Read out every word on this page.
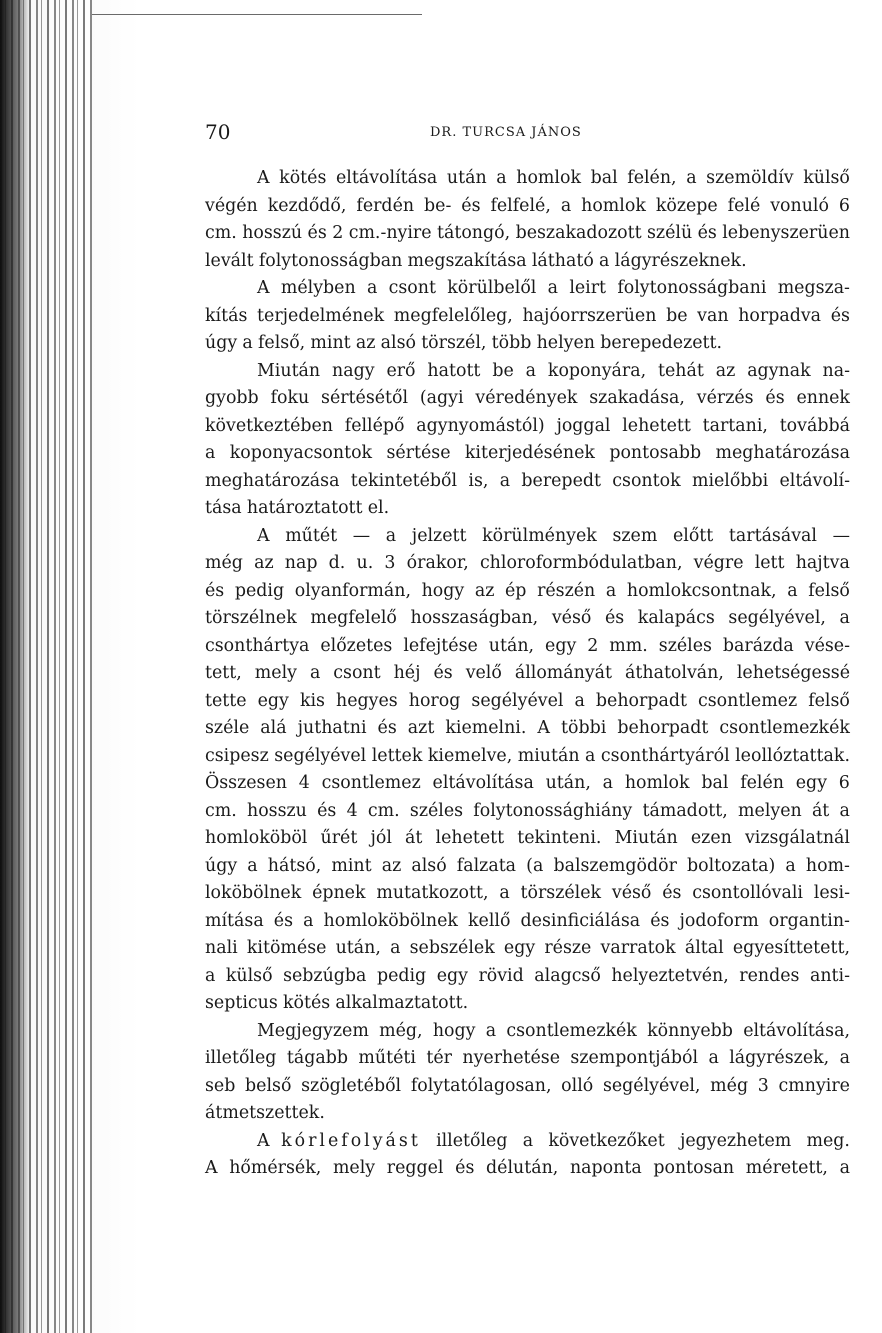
70	DR. TURCSA JÁNOS
A kötés eltávolítása után a homlok bal felén, a szemöldív külső
végén kezdődő, ferdén be- és felfelé, a homlok közepe felé vonuló 6
cm. hosszú és 2 cm.-nyire tátongó, beszakadozott szélü és lebenyszerüen
levált folytonosságban megszakítása látható a lágyrészeknek.
A mélyben a csont körülbelől a leirt folytonosságbani megsza-
kítás terjedelmének megfelelőleg, hajóorrszerüen be van horpadva és
úgy a felső, mint az alsó törszél, több helyen berepedezett.
Miután nagy erő hatott be a koponyára, tehát az agynak na-
gyobb foku sértésétől (agyi véredények szakadása, vérzés és ennek
következtében fellépő agynyomástól) joggal lehetett tartani, továbbá
a koponyacsontok sértése kiterjedésének pontosabb meghatározása
meghatározása tekintetéből is, a berepedt csontok mielőbbi eltávolí-
tása határoztatott el.
A műtét — a jelzett körülmények szem előtt tartásával —
még az nap d. u. 3 órakor, chloroformbódulatban, végre lett hajtva
és pedig olyanformán, hogy az ép részén a homlokcsontnak, a felső
törszélnek megfelelő hosszaságban, véső és kalapács segélyével, a
csonthártya előzetes lefejtése után, egy 2 mm. széles barázda vése-
tett, mely a csont héj és velő állományát áthatolván, lehetségessé
tette egy kis hegyes horog segélyével a behorpadt csontlemez felső
széle alá juthatni és azt kiemelni. A többi behorpadt csontlemezkék
csipesz segélyével lettek kiemelve, miután a csonthártyáról leollóztattak.
Összesen 4 csontlemez eltávolítása után, a homlok bal felén egy 6
cm. hosszu és 4 cm. széles folytonossághiány támadott, melyen át a
homloköböl űrét jól át lehetett tekinteni. Miután ezen vizsgálatnál
úgy a hátsó, mint az alsó falzata (a balszemgödör boltozata) a hom-
loköbölnek épnek mutatkozott, a törszélek véső és csontollóvali lesi-
mítása és a homloköbölnek kellő desinficiálása és jodoform organtin-
nali kitömése után, a sebszélek egy része varratok által egyesíttetett,
a külső sebzúgba pedig egy rövid alagcső helyeztetvén, rendes anti-
septicus kötés alkalmaztatott.
Megjegyzem még, hogy a csontlemezkék könnyebb eltávolítása,
illetőleg tágabb műtéti tér nyerhetése szempontjából a lágyrészek, a
seb belső szögletéből folytatólagosan, olló segélyével, még 3 cmnyire
átmetszettek.
A kórlefolyást illetőleg a következőket jegyezhetem meg.
A hőmérsék, mely reggel és délután, naponta pontosan méretett, a
